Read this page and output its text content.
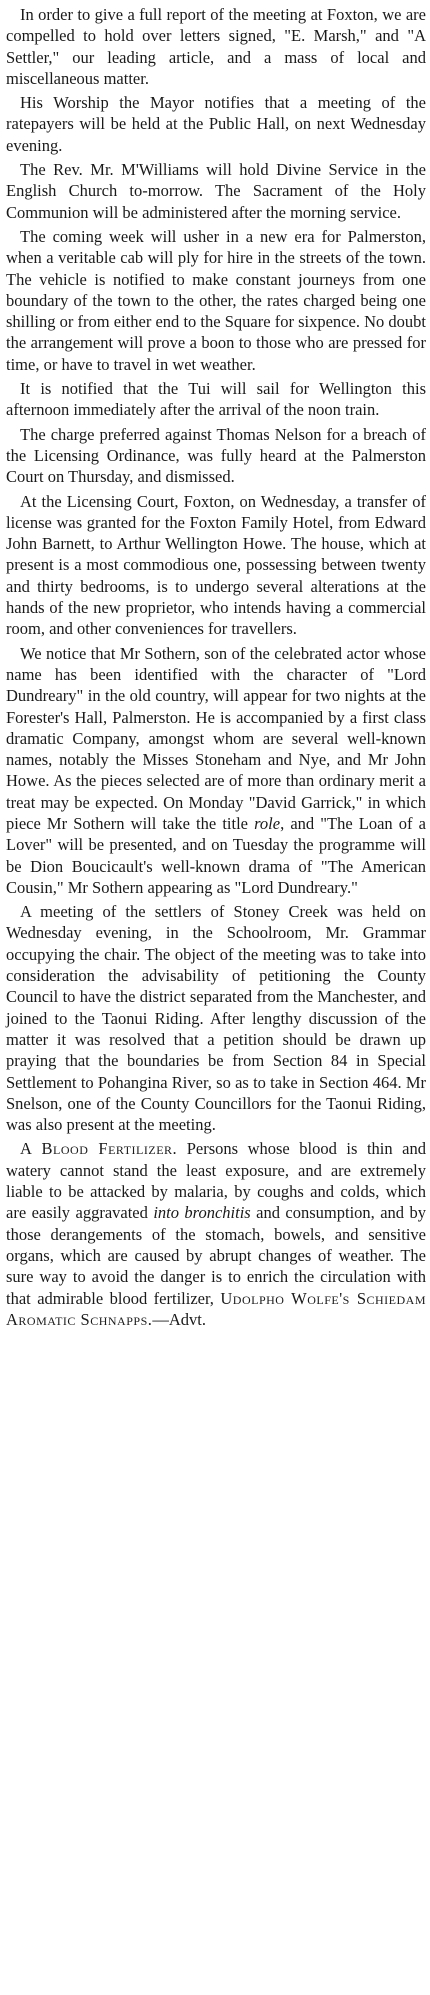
In order to give a full report of the meeting at Foxton, we are compelled to hold over letters signed, "E. Marsh," and "A Settler," our leading article, and a mass of local and miscellaneous matter.

His Worship the Mayor notifies that a meeting of the ratepayers will be held at the Public Hall, on next Wednesday evening.

The Rev. Mr. M'Williams will hold Divine Service in the English Church to-morrow. The Sacrament of the Holy Communion will be administered after the morning service.

The coming week will usher in a new era for Palmerston, when a veritable cab will ply for hire in the streets of the town. The vehicle is notified to make constant journeys from one boundary of the town to the other, the rates charged being one shilling or from either end to the Square for sixpence. No doubt the arrangement will prove a boon to those who are pressed for time, or have to travel in wet weather.

It is notified that the Tui will sail for Wellington this afternoon immediately after the arrival of the noon train.

The charge preferred against Thomas Nelson for a breach of the Licensing Ordinance, was fully heard at the Palmerston Court on Thursday, and dismissed.

At the Licensing Court, Foxton, on Wednesday, a transfer of license was granted for the Foxton Family Hotel, from Edward John Barnett, to Arthur Wellington Howe. The house, which at present is a most commodious one, possessing between twenty and thirty bedrooms, is to undergo several alterations at the hands of the new proprietor, who intends having a commercial room, and other conveniences for travellers.

We notice that Mr Sothern, son of the celebrated actor whose name has been identified with the character of "Lord Dundreary" in the old country, will appear for two nights at the Forester's Hall, Palmerston. He is accompanied by a first class dramatic Company, amongst whom are several well-known names, notably the Misses Stoneham and Nye, and Mr John Howe. As the pieces selected are of more than ordinary merit a treat may be expected. On Monday "David Garrick," in which piece Mr Sothern will take the title role, and "The Loan of a Lover" will be presented, and on Tuesday the programme will be Dion Boucicault's well-known drama of "The American Cousin," Mr Sothern appearing as "Lord Dundreary."

A meeting of the settlers of Stoney Creek was held on Wednesday evening, in the Schoolroom, Mr. Grammar occupying the chair. The object of the meeting was to take into consideration the advisability of petitioning the County Council to have the district separated from the Manchester, and joined to the Taonui Riding. After lengthy discussion of the matter it was resolved that a petition should be drawn up praying that the boundaries be from Section 84 in Special Settlement to Pohangina River, so as to take in Section 464. Mr Snelson, one of the County Councillors for the Taonui Riding, was also present at the meeting.

A Blood Fertilizer. Persons whose blood is thin and watery cannot stand the least exposure, and are extremely liable to be attacked by malaria, by coughs and colds, which are easily aggravated into bronchitis and consumption, and by those derangements of the stomach, bowels, and sensitive organs, which are caused by abrupt changes of weather. The sure way to avoid the danger is to enrich the circulation with that admirable blood fertilizer, Udolpho Wolfe's Schiedam Aromatic Schnapps.—Advt.
